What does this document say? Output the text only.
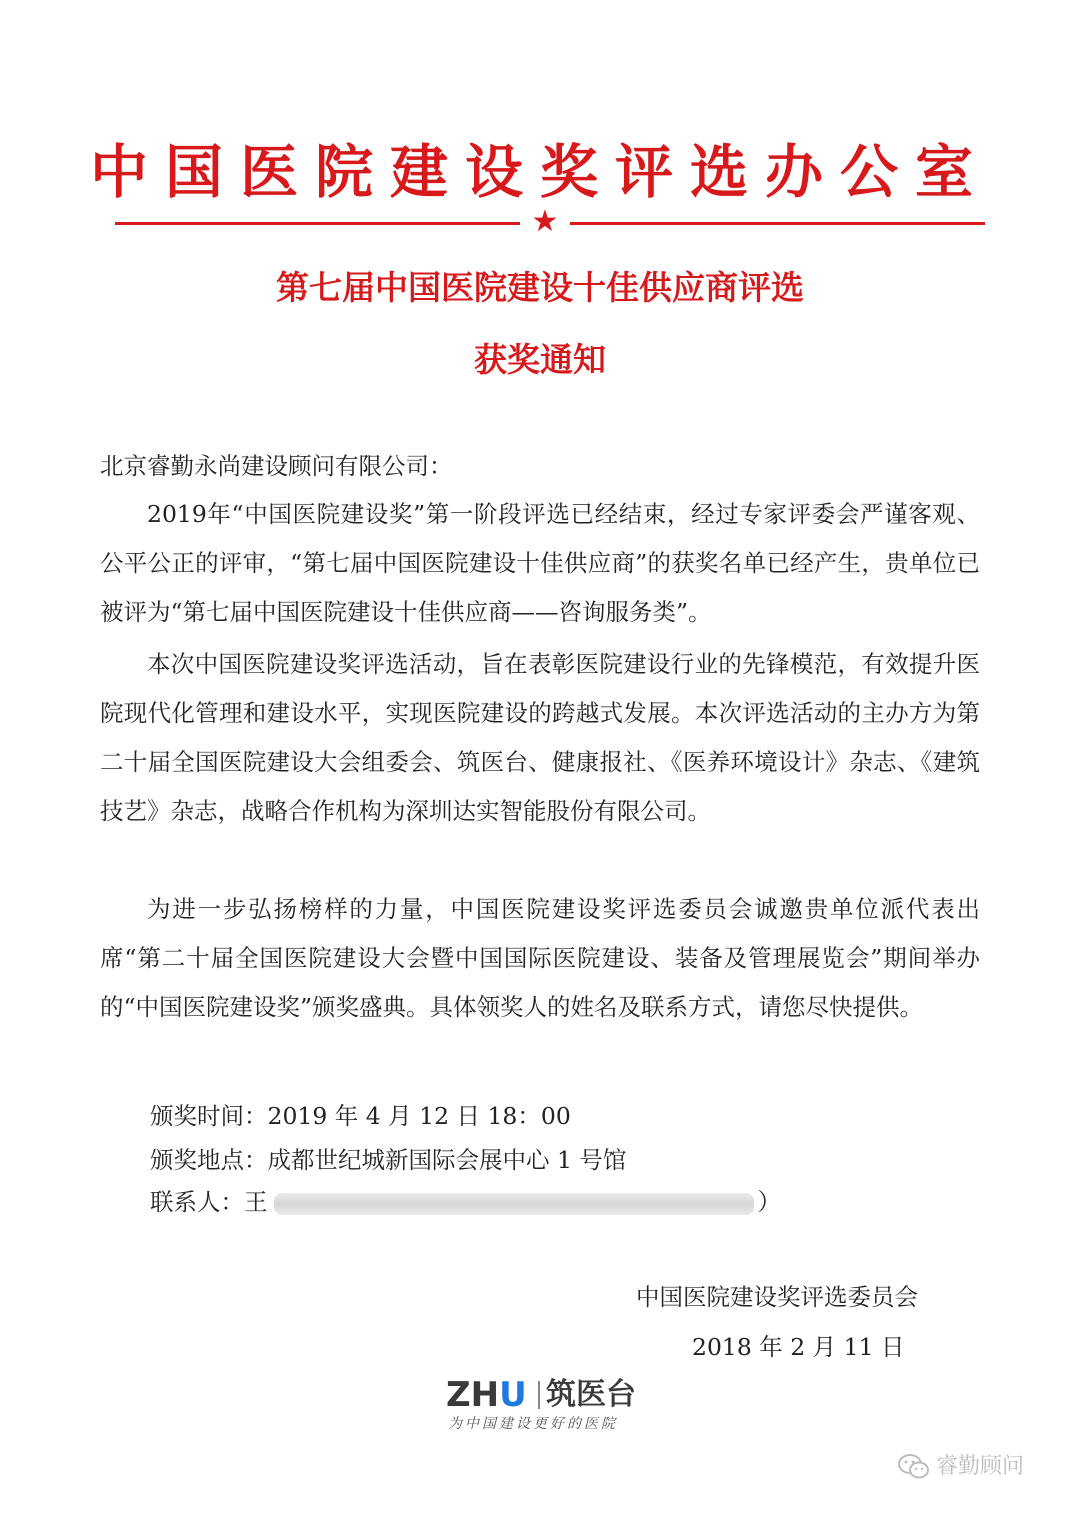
中国医院建设奖评选办公室
★
第七届中国医院建设十佳供应商评选
获奖通知
北京睿勤永尚建设顾问有限公司：
2019年“中国医院建设奖”第一阶段评选已经结束，经过专家评委会严谨客观、公平公正的评审，“第七届中国医院建设十佳供应商”的获奖名单已经产生，贵单位已被评为“第七届中国医院建设十佳供应商——咨询服务类”。
本次中国医院建设奖评选活动，旨在表彰医院建设行业的先锋模范，有效提升医院现代化管理和建设水平，实现医院建设的跨越式发展。本次评选活动的主办方为第二十届全国医院建设大会组委会、筑医台、健康报社、《医养环境设计》杂志、《建筑技艺》杂志，战略合作机构为深圳达实智能股份有限公司。
为进一步弘扬榜样的力量，中国医院建设奖评选委员会诚邀贵单位派代表出席“第二十届全国医院建设大会暨中国国际医院建设、装备及管理展览会”期间举办的“中国医院建设奖”颁奖盛典。具体领奖人的姓名及联系方式，请您尽快提供。
颁奖时间：2019 年 4 月 12 日 18：00
颁奖地点：成都世纪城新国际会展中心 1 号馆
联系人：王	）
中国医院建设奖评选委员会
2018 年 2 月 11 日
ZHU 筑医台
为中国建设更好的医院
睿勤顾问
